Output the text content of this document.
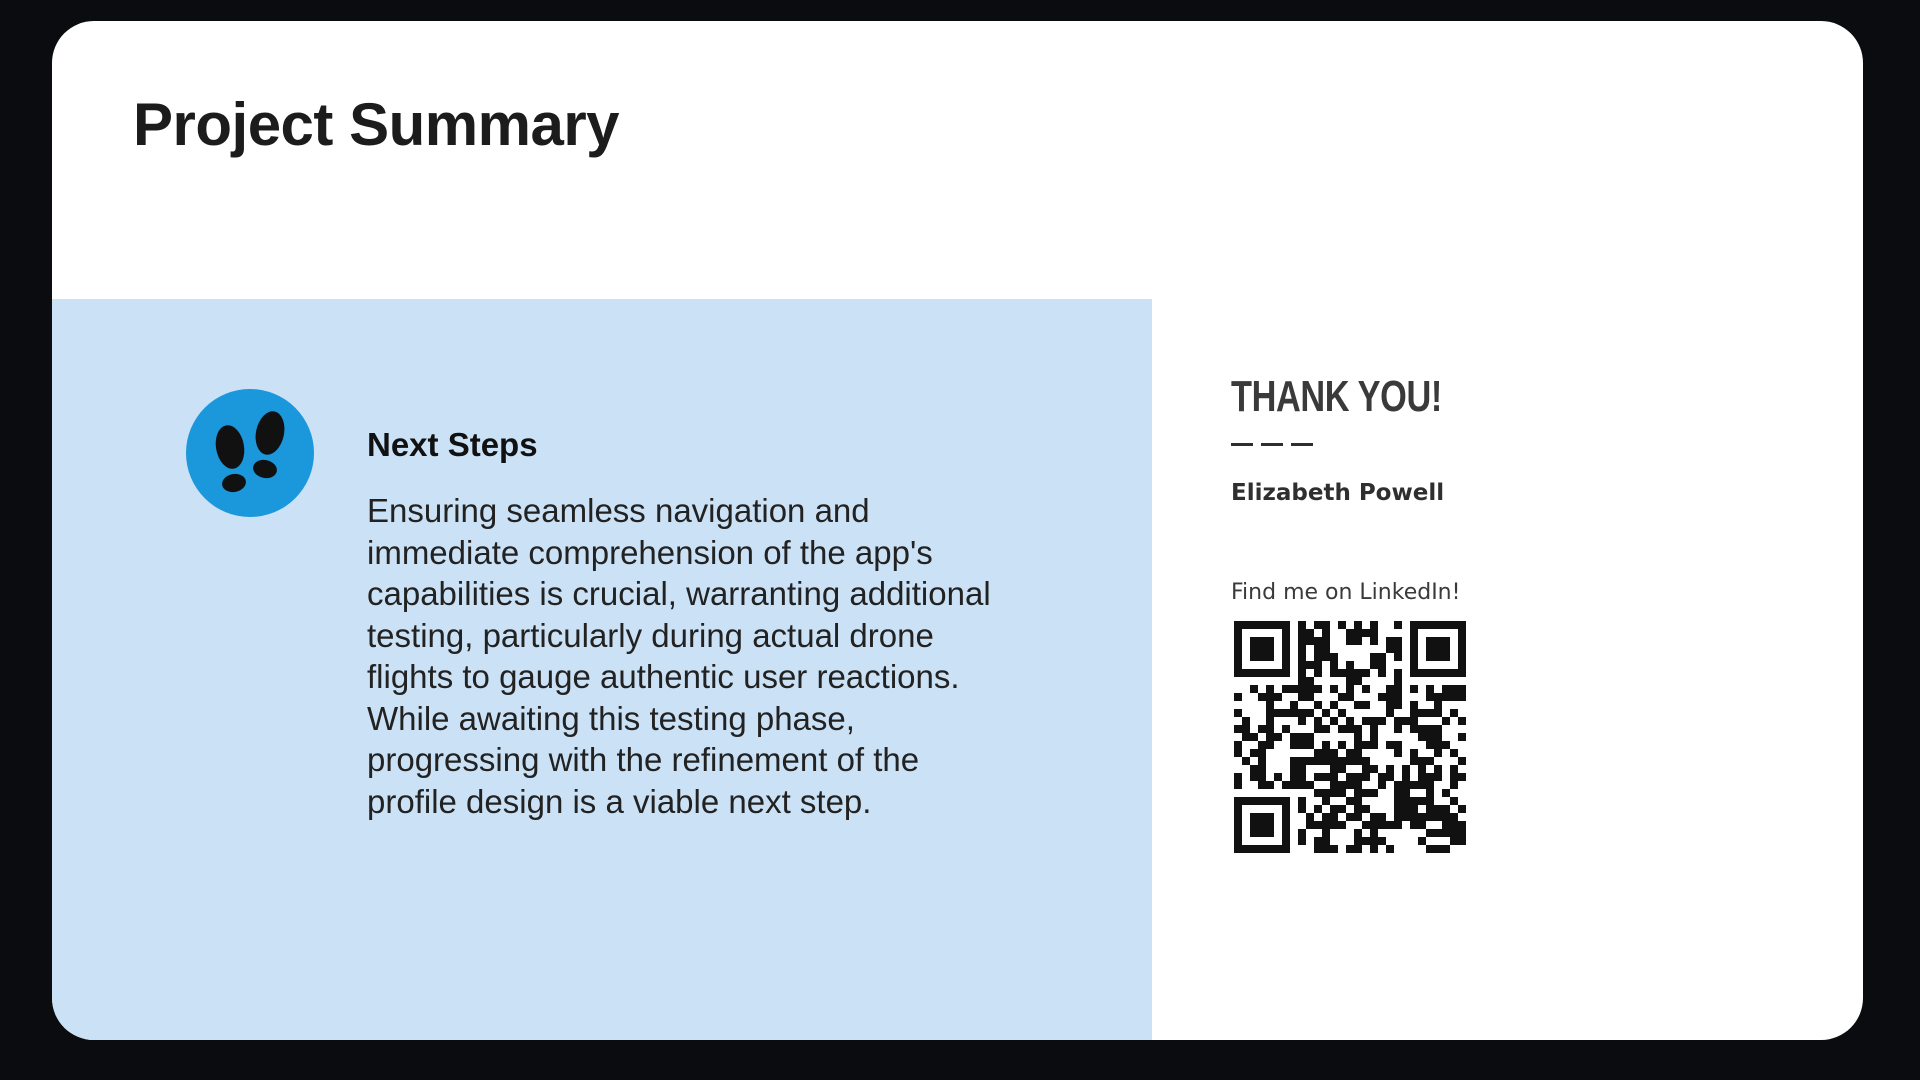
Project Summary
Next Steps

Ensuring seamless navigation and immediate comprehension of the app's capabilities is crucial, warranting additional testing, particularly during actual drone flights to gauge authentic user reactions. While awaiting this testing phase, progressing with the refinement of the profile design is a viable next step.

THANK YOU!

Elizabeth Powell

Find me on LinkedIn!
